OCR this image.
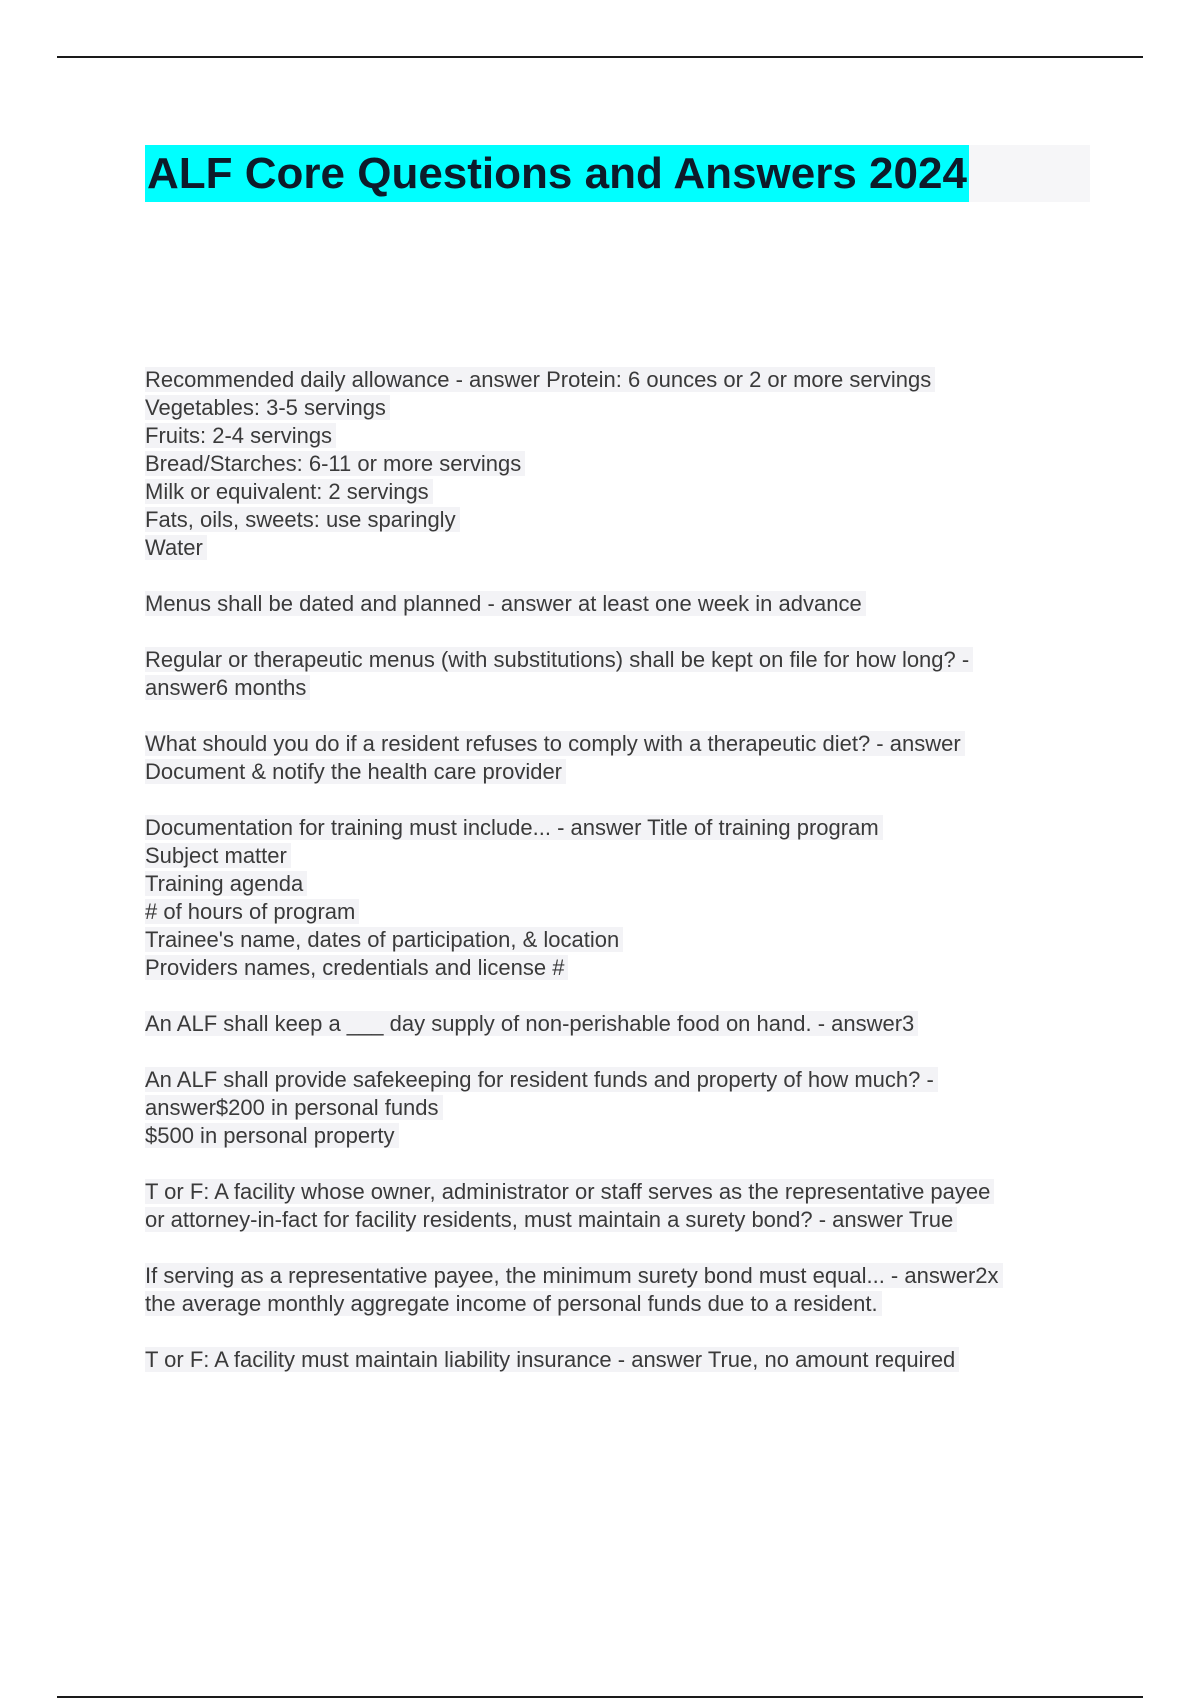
ALF Core Questions and Answers 2024
Recommended daily allowance - answer Protein: 6 ounces or 2 or more servings
Vegetables: 3-5 servings
Fruits: 2-4 servings
Bread/Starches: 6-11 or more servings
Milk or equivalent: 2 servings
Fats, oils, sweets: use sparingly
Water
Menus shall be dated and planned - answer at least one week in advance
Regular or therapeutic menus (with substitutions) shall be kept on file for how long? -
answer6 months
What should you do if a resident refuses to comply with a therapeutic diet? - answer
Document & notify the health care provider
Documentation for training must include... - answer Title of training program
Subject matter
Training agenda
# of hours of program
Trainee's name, dates of participation, & location
Providers names, credentials and license #
An ALF shall keep a ___ day supply of non-perishable food on hand. - answer3
An ALF shall provide safekeeping for resident funds and property of how much? -
answer$200 in personal funds
$500 in personal property
T or F: A facility whose owner, administrator or staff serves as the representative payee
or attorney-in-fact for facility residents, must maintain a surety bond? - answer True
If serving as a representative payee, the minimum surety bond must equal... - answer2x
the average monthly aggregate income of personal funds due to a resident.
T or F: A facility must maintain liability insurance - answer True, no amount required
